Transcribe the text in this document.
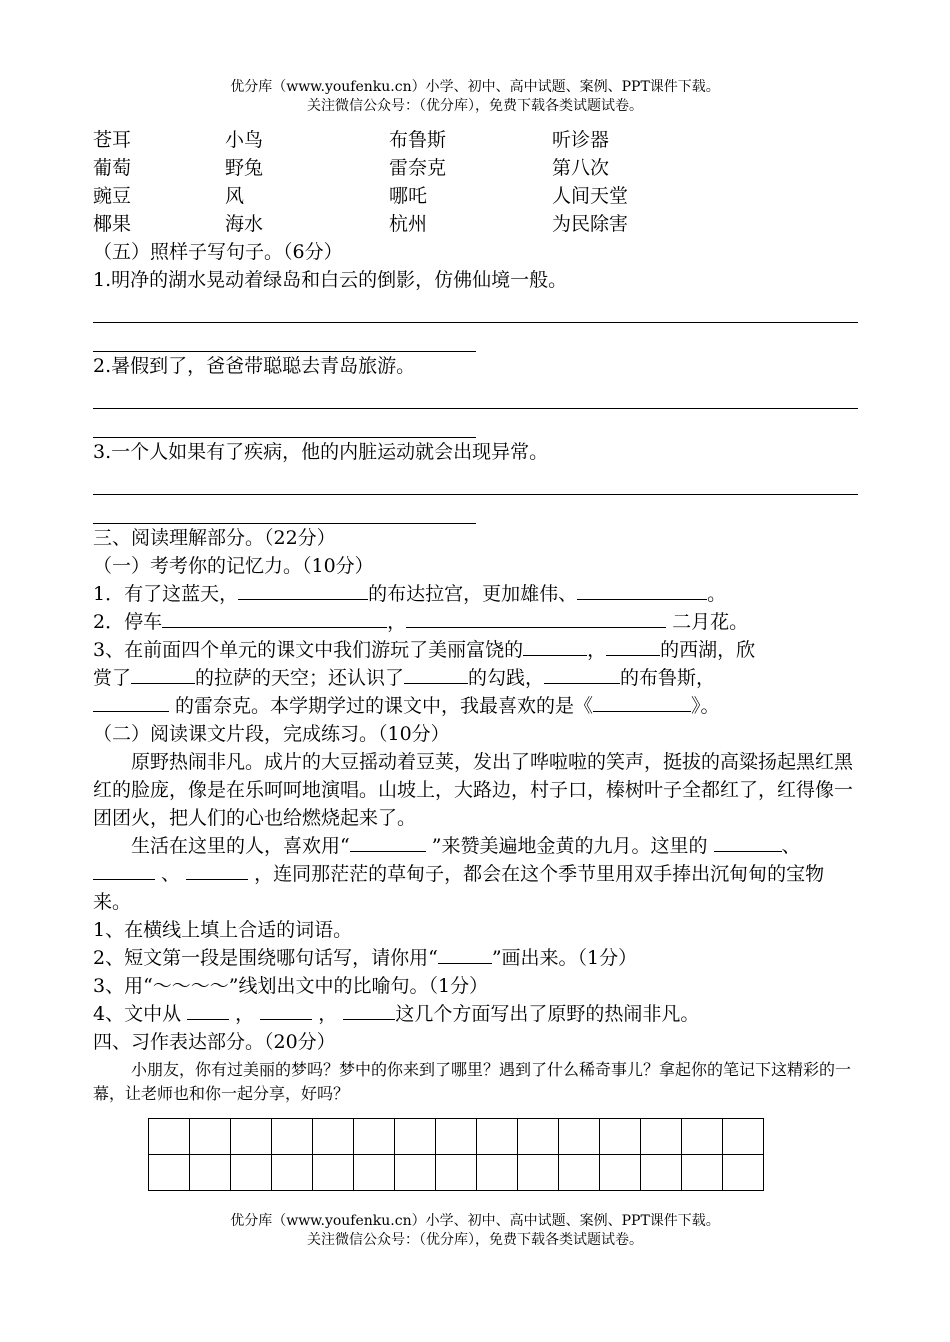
优分库（www.youfenku.cn）小学、初中、高中试题、案例、PPT课件下载。
关注微信公众号：（优分库），免费下载各类试题试卷。
苍耳	小鸟	布鲁斯	听诊器
葡萄	野兔	雷奈克	第八次
豌豆	风	哪吒	人间天堂
椰果	海水	杭州	为民除害
（五）照样子写句子。（6分）
1.明净的湖水晃动着绿岛和白云的倒影，仿佛仙境一般。
2.暑假到了，爸爸带聪聪去青岛旅游。
3.一个人如果有了疾病，他的内脏运动就会出现异常。
三、阅读理解部分。（22分）
（一）考考你的记忆力。（10分）
1．有了这蓝天，	的布达拉宫，更加雄伟、	。
2．停车	，	二月花。
3、在前面四个单元的课文中我们游玩了美丽富饶的	，	的西湖，欣
赏了	的拉萨的天空；还认识了	的勾践，	的布鲁斯，
的雷奈克。本学期学过的课文中，我最喜欢的是《	》。
（二）阅读课文片段，完成练习。（10分）
原野热闹非凡。成片的大豆摇动着豆荚，发出了哗啦啦的笑声，挺拔的高粱扬起黑红黑红的脸庞，像是在乐呵呵地演唱。山坡上，大路边，村子口，榛树叶子全都红了，红得像一团团火，把人们的心也给燃烧起来了。
生活在这里的人，喜欢用“	”来赞美遍地金黄的九月。这里的	、  、	，连同那茫茫的草甸子，都会在这个季节里用双手捧出沉甸甸的宝物来。
1、在横线上填上合适的词语。
2、短文第一段是围绕哪句话写，请你用“	”画出来。（1分）
3、用“～～～～”线划出文中的比喻句。（1分）
4、文中从  ，	，	这几个方面写出了原野的热闹非凡。
四、习作表达部分。（20分）
小朋友，你有过美丽的梦吗？梦中的你来到了哪里？遇到了什么稀奇事儿？拿起你的笔记下这精彩的一幕，让老师也和你一起分享，好吗？
优分库（www.youfenku.cn）小学、初中、高中试题、案例、PPT课件下载。
关注微信公众号：（优分库），免费下载各类试题试卷。
